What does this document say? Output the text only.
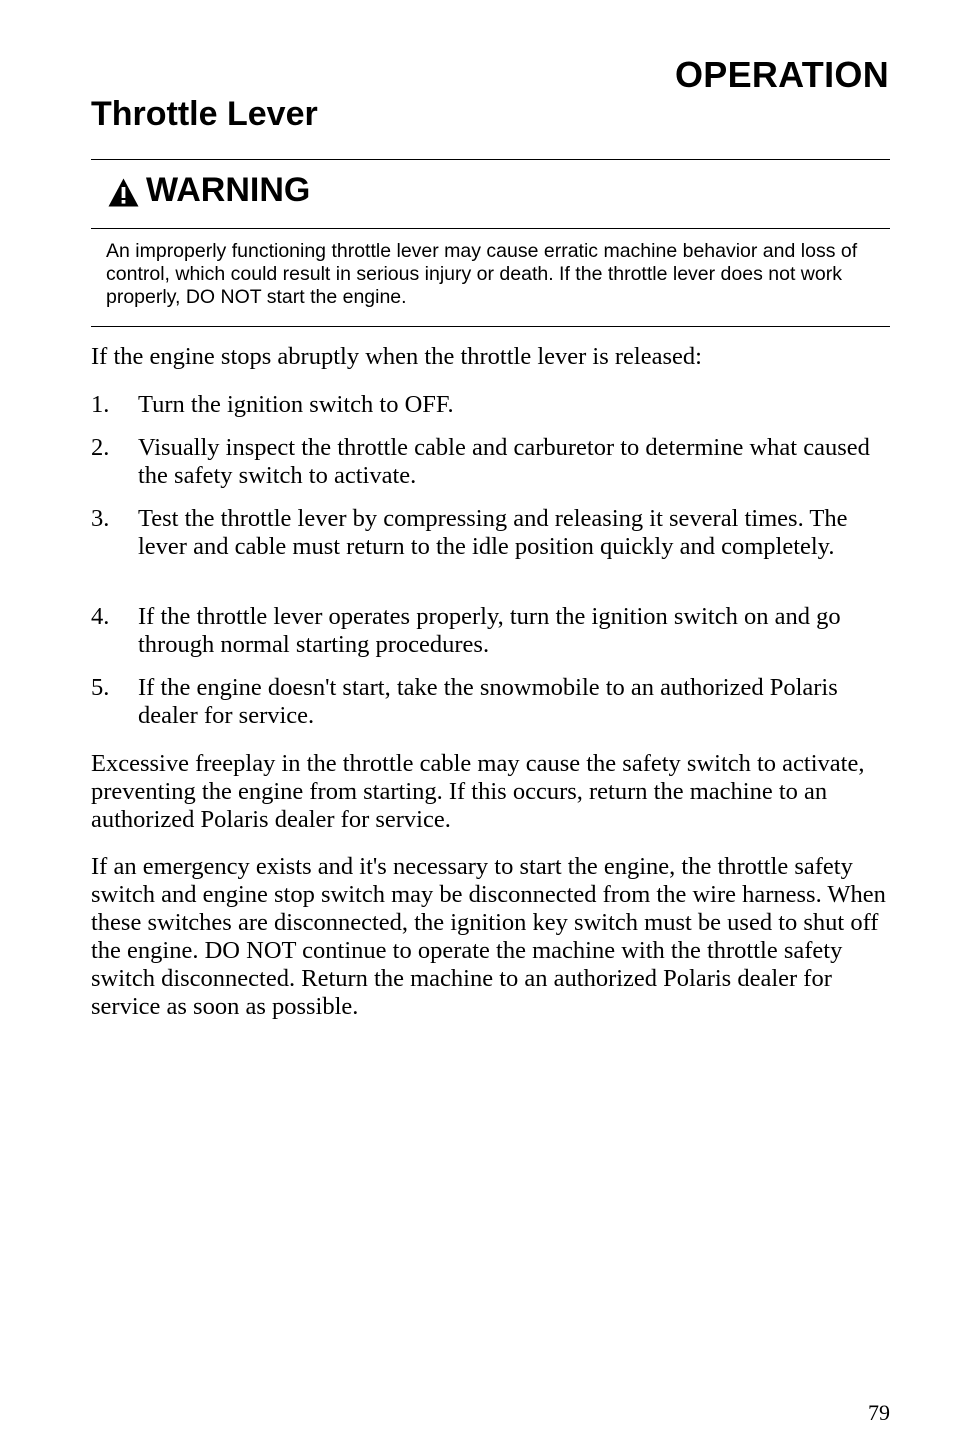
OPERATION
Throttle Lever
WARNING

An improperly functioning throttle lever may cause erratic machine behavior and loss of control, which could result in serious injury or death. If the throttle lever does not work properly, DO NOT start the engine.

If the engine stops abruptly when the throttle lever is released:

1. Turn the ignition switch to OFF.
2. Visually inspect the throttle cable and carburetor to determine what caused the safety switch to activate.
3. Test the throttle lever by compressing and releasing it several times. The lever and cable must return to the idle position quickly and completely.
4. If the throttle lever operates properly, turn the ignition switch on and go through normal starting procedures.
5. If the engine doesn't start, take the snowmobile to an authorized Polaris dealer for service.

Excessive freeplay in the throttle cable may cause the safety switch to activate, preventing the engine from starting. If this occurs, return the machine to an authorized Polaris dealer for service.

If an emergency exists and it's necessary to start the engine, the throttle safety switch and engine stop switch may be disconnected from the wire harness. When these switches are disconnected, the ignition key switch must be used to shut off the engine. DO NOT continue to operate the machine with the throttle safety switch disconnected. Return the machine to an authorized Polaris dealer for service as soon as possible.

79
